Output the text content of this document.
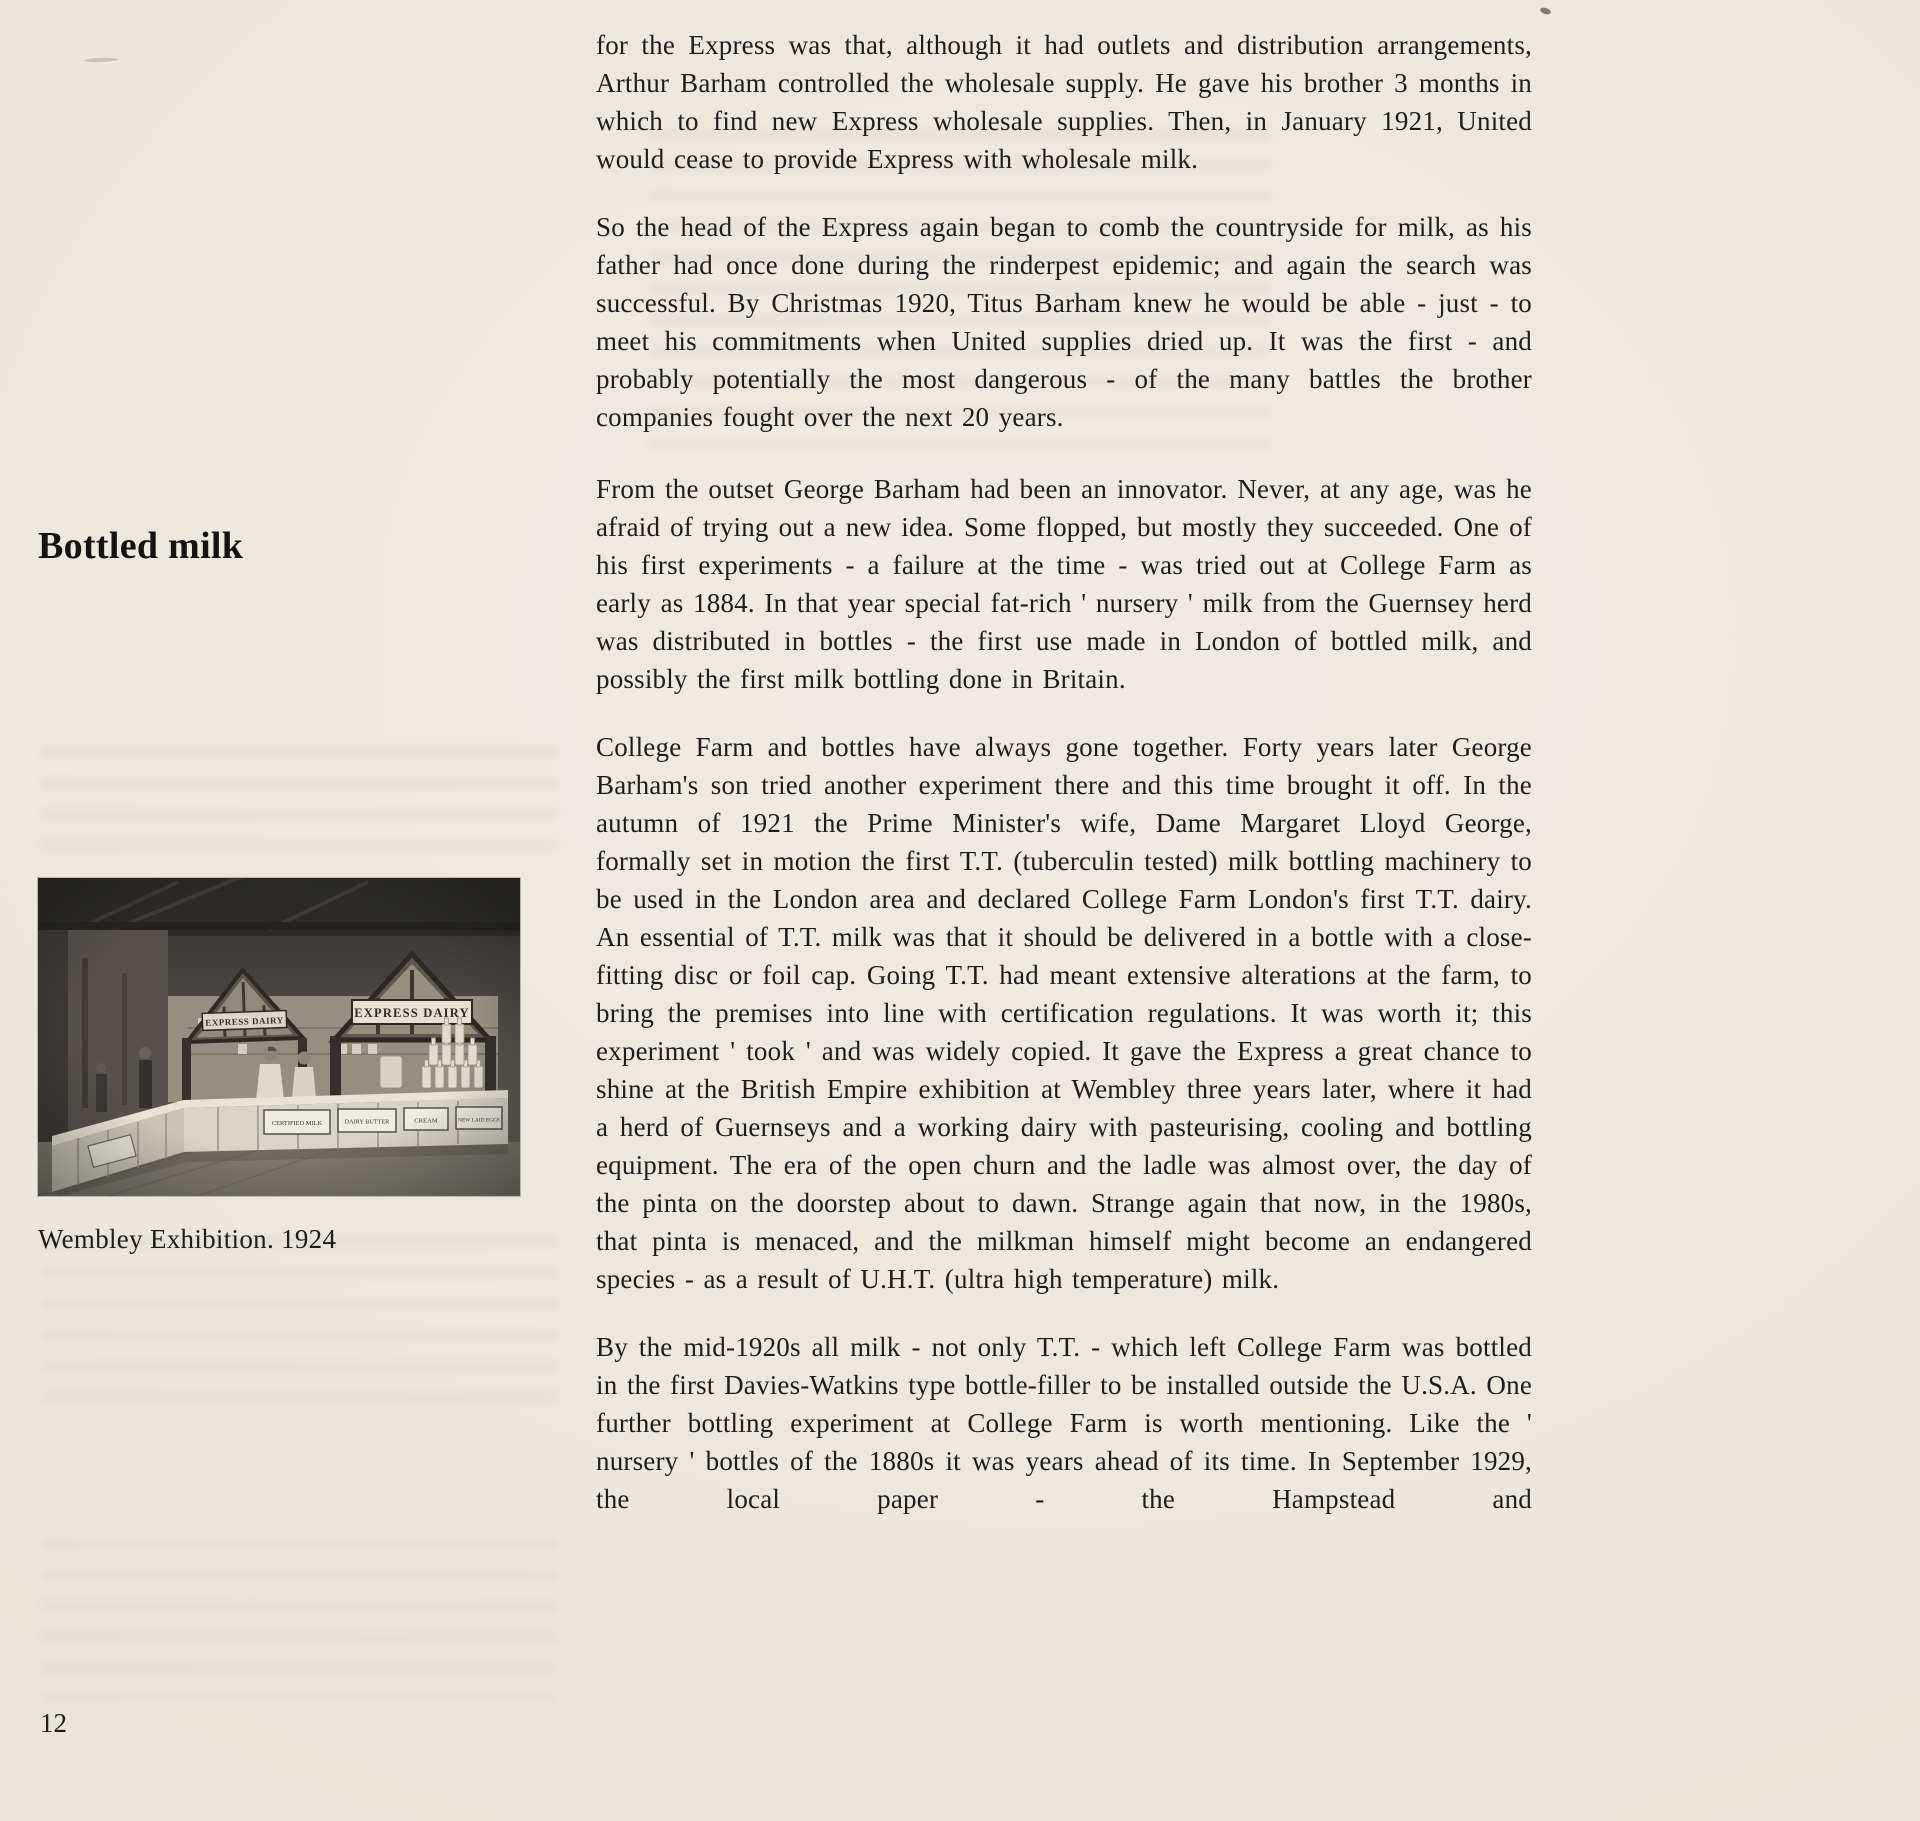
Bottled milk
Wembley Exhibition. 1924
12

for the Express was that, although it had outlets and distribution arrangements, Arthur Barham controlled the wholesale supply. He gave his brother 3 months in which to find new Express wholesale supplies. Then, in January 1921, United would cease to provide Express with wholesale milk.

So the head of the Express again began to comb the countryside for milk, as his father had once done during the rinderpest epidemic; and again the search was successful. By Christmas 1920, Titus Barham knew he would be able - just - to meet his commitments when United supplies dried up. It was the first - and probably potentially the most dangerous - of the many battles the brother companies fought over the next 20 years.

From the outset George Barham had been an innovator. Never, at any age, was he afraid of trying out a new idea. Some flopped, but mostly they succeeded. One of his first experiments - a failure at the time - was tried out at College Farm as early as 1884. In that year special fat-rich ' nursery ' milk from the Guernsey herd was distributed in bottles - the first use made in London of bottled milk, and possibly the first milk bottling done in Britain.

College Farm and bottles have always gone together. Forty years later George Barham's son tried another experiment there and this time brought it off. In the autumn of 1921 the Prime Minister's wife, Dame Margaret Lloyd George, formally set in motion the first T.T. (tuberculin tested) milk bottling machinery to be used in the London area and declared College Farm London's first T.T. dairy. An essential of T.T. milk was that it should be delivered in a bottle with a close-fitting disc or foil cap. Going T.T. had meant extensive alterations at the farm, to bring the premises into line with certification regulations. It was worth it; this experiment ' took ' and was widely copied. It gave the Express a great chance to shine at the British Empire exhibition at Wembley three years later, where it had a herd of Guernseys and a working dairy with pasteurising, cooling and bottling equipment. The era of the open churn and the ladle was almost over, the day of the pinta on the doorstep about to dawn. Strange again that now, in the 1980s, that pinta is menaced, and the milkman himself might become an endangered species - as a result of U.H.T. (ultra high temperature) milk.

By the mid-1920s all milk - not only T.T. - which left College Farm was bottled in the first Davies-Watkins type bottle-filler to be installed outside the U.S.A. One further bottling experiment at College Farm is worth mentioning. Like the ' nursery ' bottles of the 1880s it was years ahead of its time. In September 1929, the local paper - the Hampstead and
